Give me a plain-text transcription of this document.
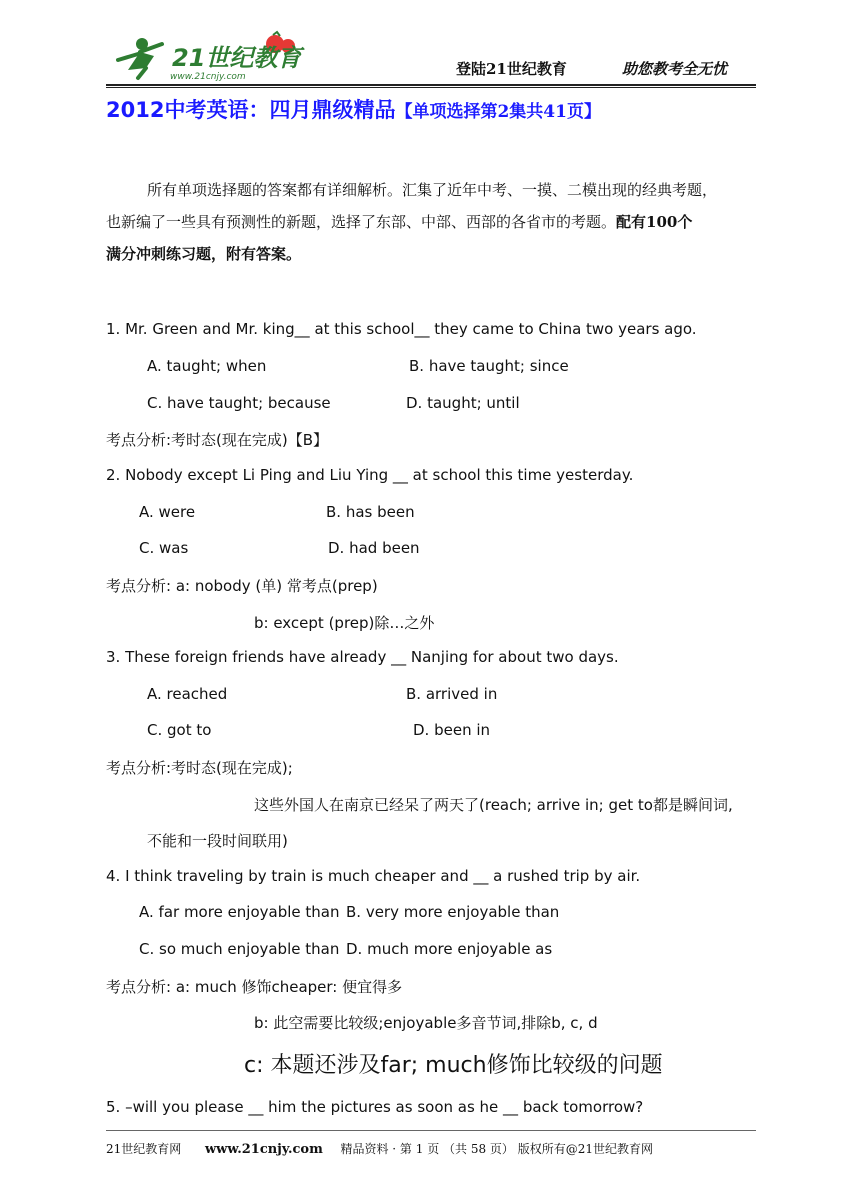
21世纪教育
www.21cnjy.com	登陆21世纪教育	助您教考全无忧
2012中考英语：四月鼎级精品【单项选择第2集共41页】
所有单项选择题的答案都有详细解析。汇集了近年中考、一摸、二模出现的经典考题，
也新编了一些具有预测性的新题，选择了东部、中部、西部的各省市的考题。配有100个
满分冲刺练习题，附有答案。
1. Mr. Green and Mr. king__ at this school__ they came to China two years ago.
A. taught; when	B. have taught; since
C. have taught; because	D. taught; until
考点分析:考时态(现在完成)【B】
2. Nobody except Li Ping and Liu Ying __ at school this time yesterday.
A. were	B. has been
C. was	D. had been
考点分析: a: nobody (单) 常考点(prep)
b: except (prep)除…之外
3. These foreign friends have already __ Nanjing for about two days.
A. reached	B. arrived in
C. got to	D. been in
考点分析:考时态(现在完成);
这些外国人在南京已经呆了两天了(reach; arrive in; get to都是瞬间词,
不能和一段时间联用)
4. I think traveling by train is much cheaper and __ a rushed trip by air.
A. far more enjoyable than B. very more enjoyable than
C. so much enjoyable than D. much more enjoyable as
考点分析: a: much 修饰cheaper: 便宜得多
b: 此空需要比较级;enjoyable多音节词,排除b, c, d
c: 本题还涉及far; much修饰比较级的问题
5. –will you please __ him the pictures as soon as he __ back tomorrow?
21世纪教育网 www.21cnjy.com 精品资料 · 第 1 页 （共 58 页） 版权所有@21世纪教育网
